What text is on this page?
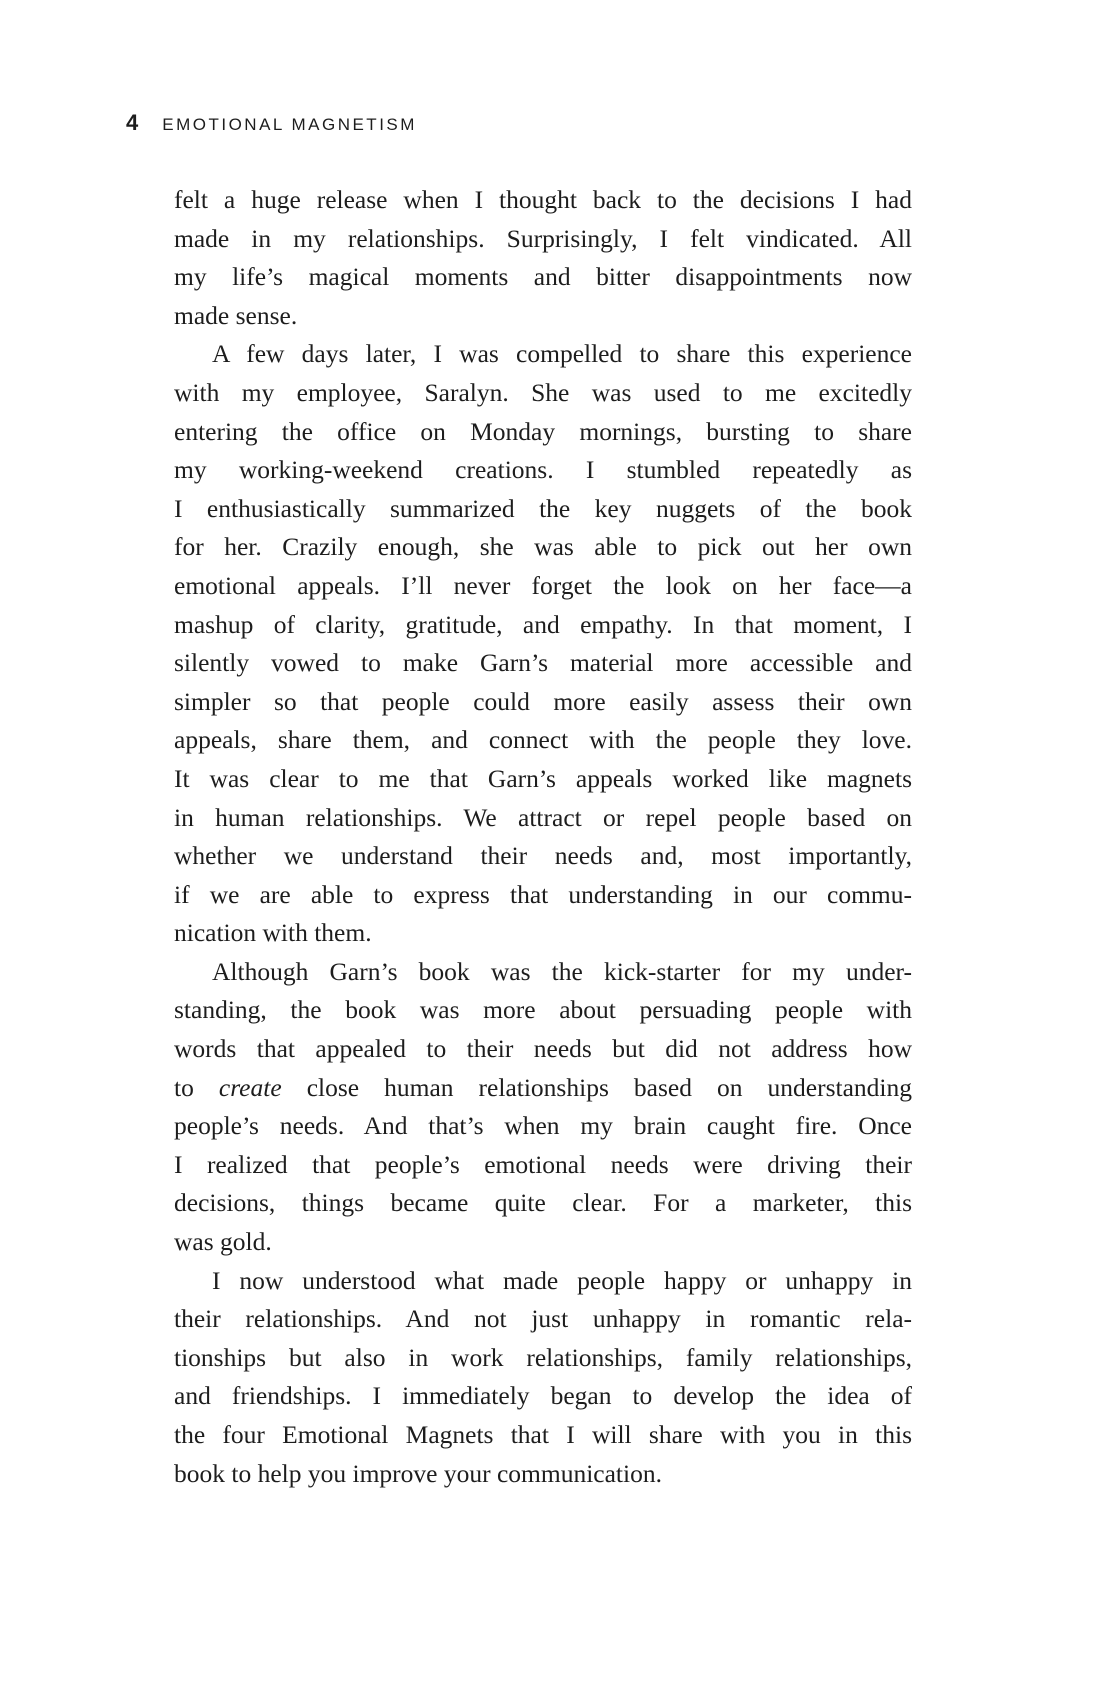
4 EMOTIONAL MAGNETISM
felt a huge release when I thought back to the decisions I had
made in my relationships. Surprisingly, I felt vindicated. All
my life’s magical moments and bitter disappointments now
made sense.
A few days later, I was compelled to share this experience
with my employee, Saralyn. She was used to me excitedly
entering the office on Monday mornings, bursting to share
my working-weekend creations. I stumbled repeatedly as
I enthusiastically summarized the key nuggets of the book
for her. Crazily enough, she was able to pick out her own
emotional appeals. I’ll never forget the look on her face—a
mashup of clarity, gratitude, and empathy. In that moment, I
silently vowed to make Garn’s material more accessible and
simpler so that people could more easily assess their own
appeals, share them, and connect with the people they love.
It was clear to me that Garn’s appeals worked like magnets
in human relationships. We attract or repel people based on
whether we understand their needs and, most importantly,
if we are able to express that understanding in our commu-
nication with them.
Although Garn’s book was the kick-starter for my under-
standing, the book was more about persuading people with
words that appealed to their needs but did not address how
to create close human relationships based on understanding
people’s needs. And that’s when my brain caught fire. Once
I realized that people’s emotional needs were driving their
decisions, things became quite clear. For a marketer, this
was gold.
I now understood what made people happy or unhappy in
their relationships. And not just unhappy in romantic rela-
tionships but also in work relationships, family relationships,
and friendships. I immediately began to develop the idea of
the four Emotional Magnets that I will share with you in this
book to help you improve your communication.
